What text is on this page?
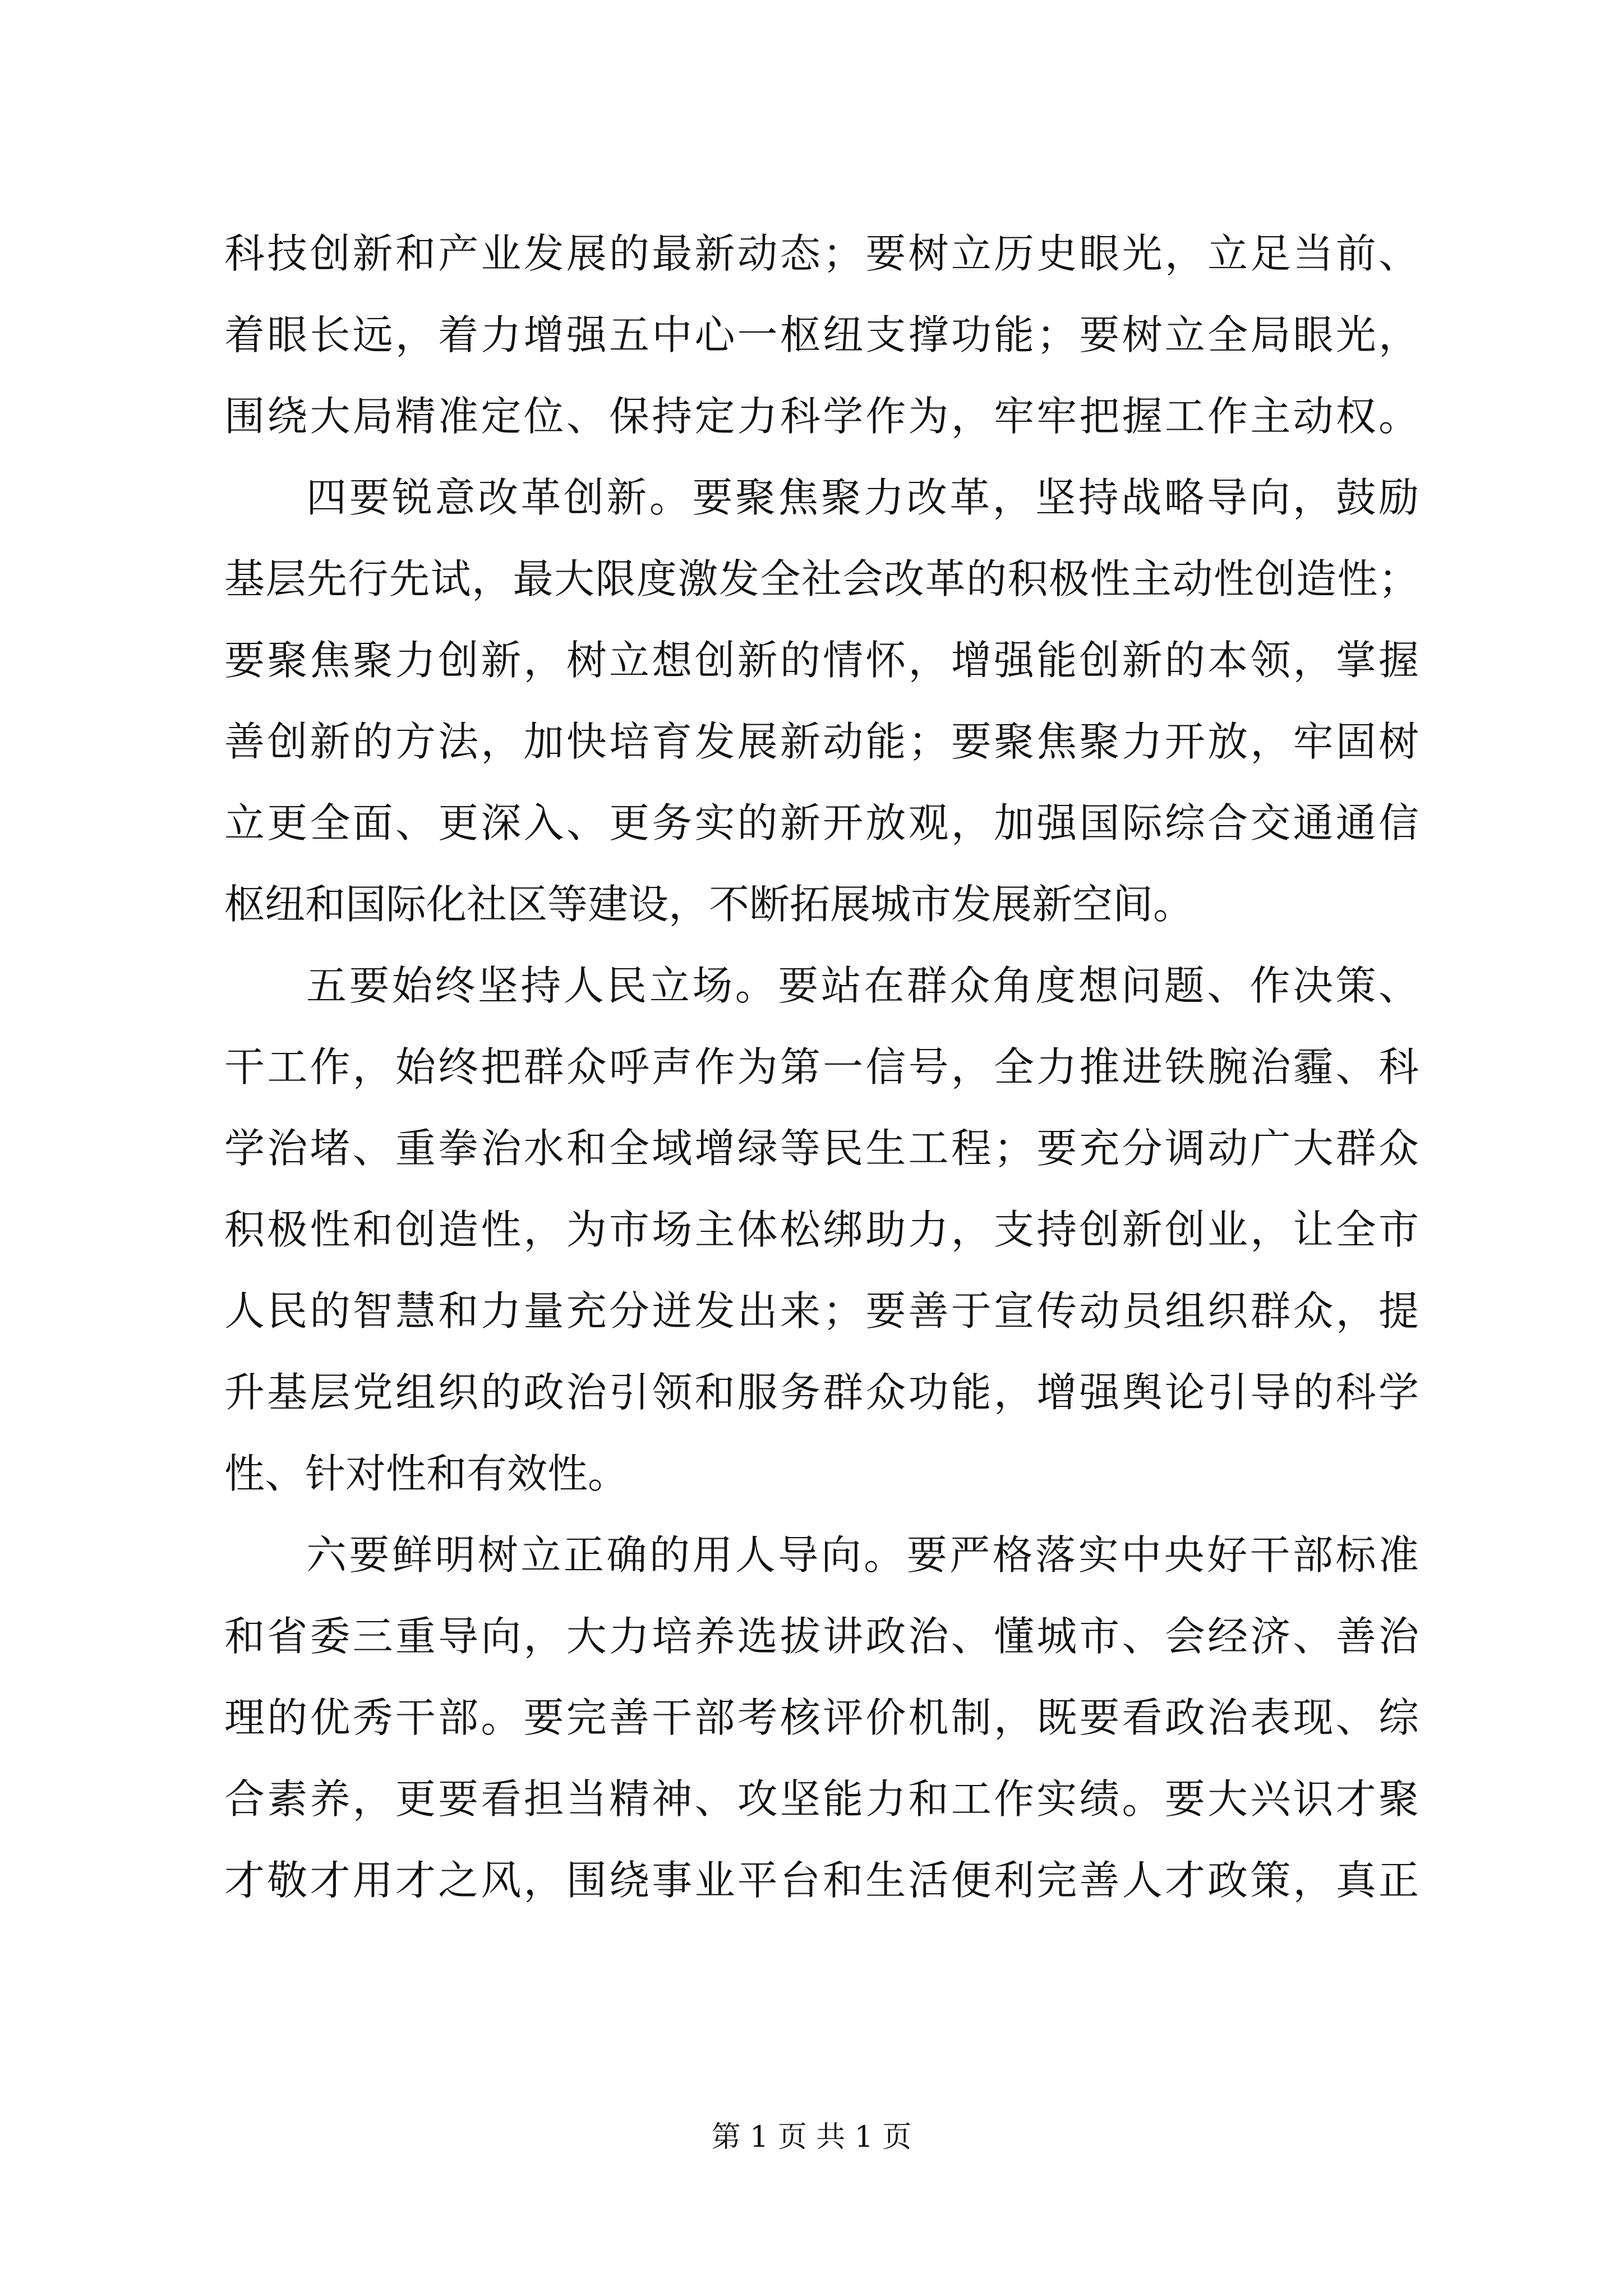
科技创新和产业发展的最新动态；要树立历史眼光，立足当前、
着眼长远，着力增强五中心一枢纽支撑功能；要树立全局眼光，
围绕大局精准定位、保持定力科学作为，牢牢把握工作主动权。
四要锐意改革创新。要聚焦聚力改革，坚持战略导向，鼓励
基层先行先试，最大限度激发全社会改革的积极性主动性创造性；
要聚焦聚力创新，树立想创新的情怀，增强能创新的本领，掌握
善创新的方法，加快培育发展新动能；要聚焦聚力开放，牢固树
立更全面、更深入、更务实的新开放观，加强国际综合交通通信
枢纽和国际化社区等建设，不断拓展城市发展新空间。
五要始终坚持人民立场。要站在群众角度想问题、作决策、
干工作，始终把群众呼声作为第一信号，全力推进铁腕治霾、科
学治堵、重拳治水和全域增绿等民生工程；要充分调动广大群众
积极性和创造性，为市场主体松绑助力，支持创新创业，让全市
人民的智慧和力量充分迸发出来；要善于宣传动员组织群众，提
升基层党组织的政治引领和服务群众功能，增强舆论引导的科学
性、针对性和有效性。
六要鲜明树立正确的用人导向。要严格落实中央好干部标准
和省委三重导向，大力培养选拔讲政治、懂城市、会经济、善治
理的优秀干部。要完善干部考核评价机制，既要看政治表现、综
合素养，更要看担当精神、攻坚能力和工作实绩。要大兴识才聚
才敬才用才之风，围绕事业平台和生活便利完善人才政策，真正
第 1 页 共 1 页
